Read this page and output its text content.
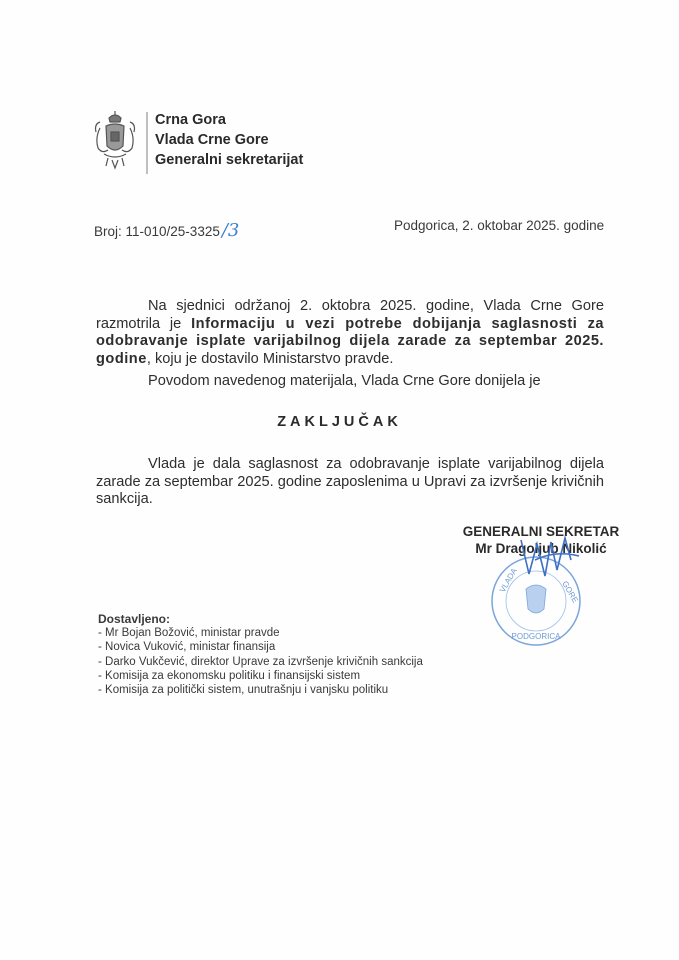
Crna Gora
Vlada Crne Gore
Generalni sekretarijat
Broj: 11-010/25-3325 /3	Podgorica, 2. oktobar 2025. godine
Na sjednici održanoj 2. oktobra 2025. godine, Vlada Crne Gore razmotrila je Informaciju u vezi potrebe dobijanja saglasnosti za odobravanje isplate varijabilnog dijela zarade za septembar 2025. godine, koju je dostavilo Ministarstvo pravde.
Povodom navedenog materijala, Vlada Crne Gore donijela je
ZAKLJUČAK
Vlada je dala saglasnost za odobravanje isplate varijabilnog dijela zarade za septembar 2025. godine zaposlenima u Upravi za izvršenje krivičnih sankcija.
GENERALNI SEKRETAR
Mr Dragoljub Nikolić
PODGORICA
VLADA	GORE
Dostavljeno:
- Mr Bojan Božović, ministar pravde
- Novica Vuković, ministar finansija
- Darko Vukčević, direktor Uprave za izvršenje krivičnih sankcija
- Komisija za ekonomsku politiku i finansijski sistem
- Komisija za politički sistem, unutrašnju i vanjsku politiku
